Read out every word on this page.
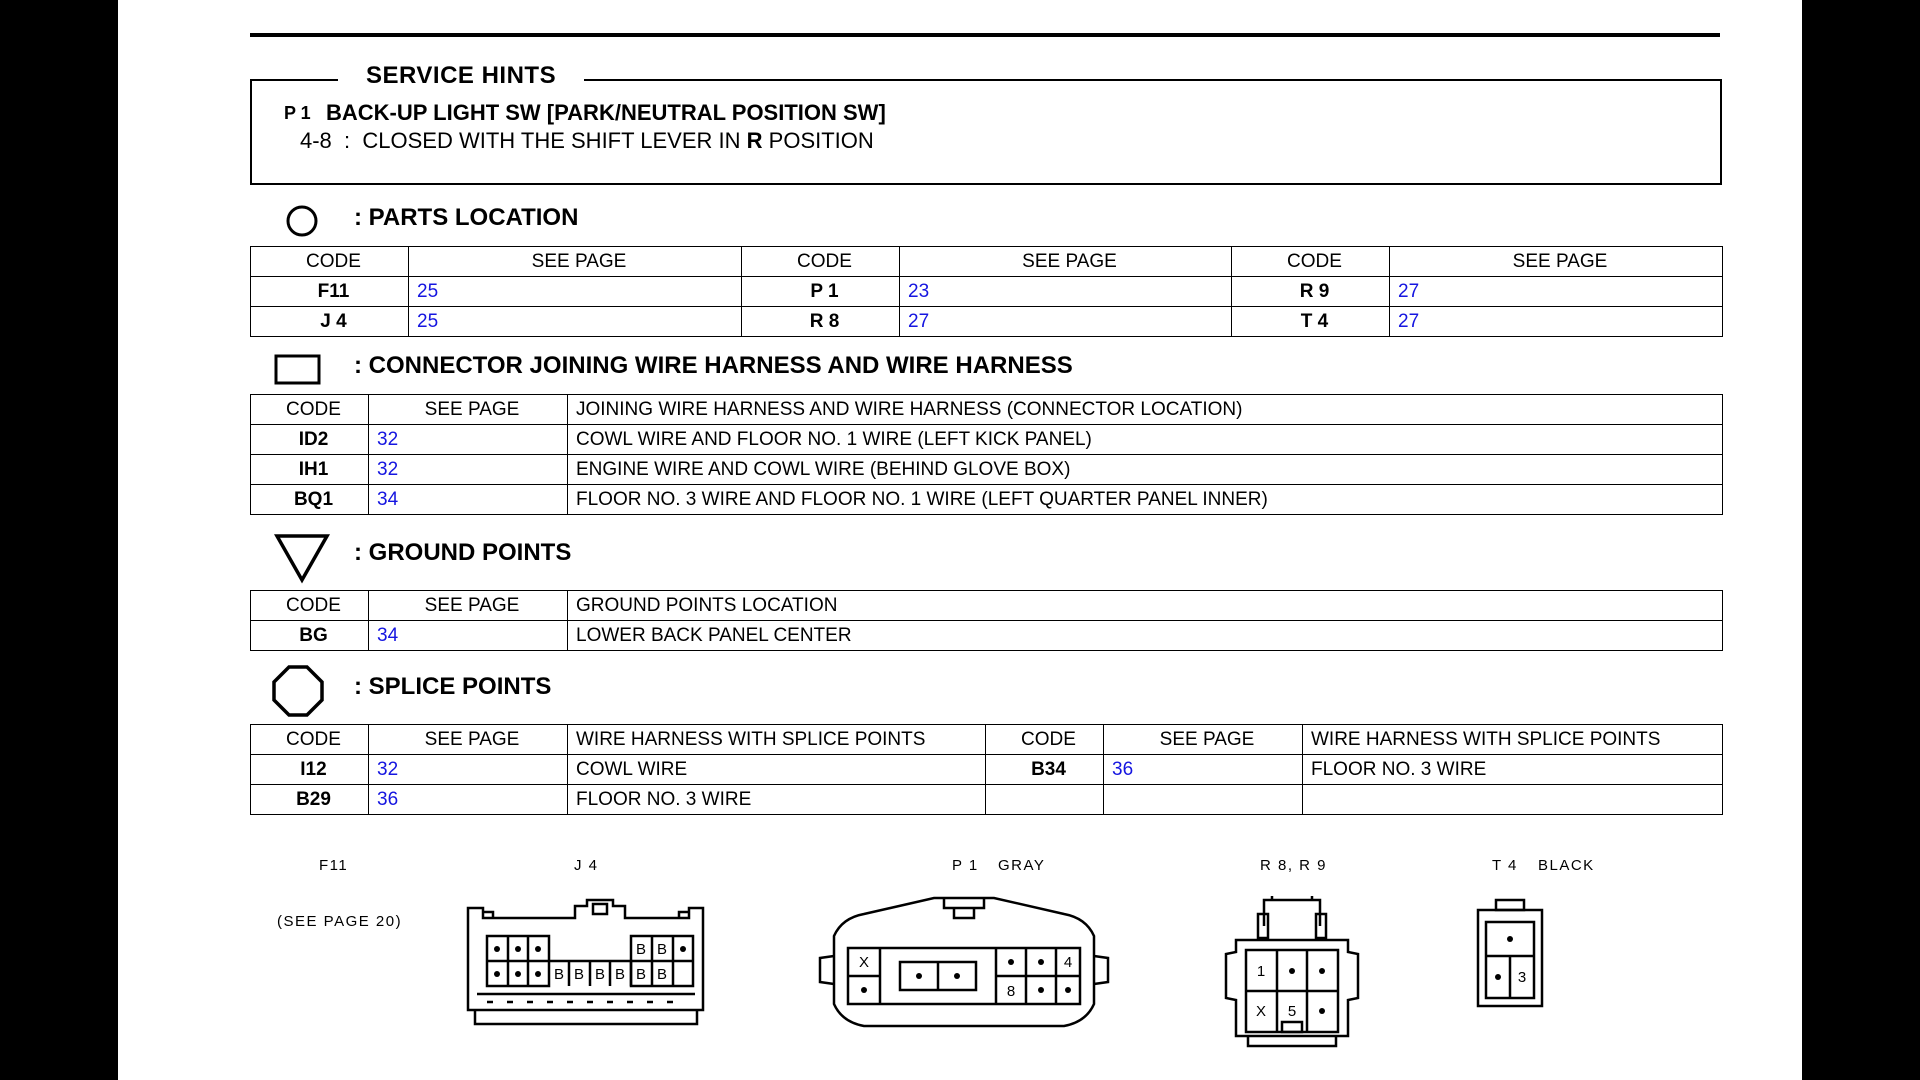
SERVICE HINTS
P 1 BACK-UP LIGHT SW [PARK/NEUTRAL POSITION SW]
4-8 : CLOSED WITH THE SHIFT LEVER IN R POSITION
: PARTS LOCATION
CODE	SEE PAGE	CODE	SEE PAGE	CODE	SEE PAGE
F11	25	P 1	23	R 9	27
J 4	25	R 8	27	T 4	27
: CONNECTOR JOINING WIRE HARNESS AND WIRE HARNESS
CODE	SEE PAGE	JOINING WIRE HARNESS AND WIRE HARNESS (CONNECTOR LOCATION)
ID2	32	COWL WIRE AND FLOOR NO. 1 WIRE (LEFT KICK PANEL)
IH1	32	ENGINE WIRE AND COWL WIRE (BEHIND GLOVE BOX)
BQ1	34	FLOOR NO. 3 WIRE AND FLOOR NO. 1 WIRE (LEFT QUARTER PANEL INNER)
: GROUND POINTS
CODE	SEE PAGE	GROUND POINTS LOCATION
BG	34	LOWER BACK PANEL CENTER
: SPLICE POINTS
CODE	SEE PAGE	WIRE HARNESS WITH SPLICE POINTS	CODE	SEE PAGE	WIRE HARNESS WITH SPLICE POINTS
I12	32	COWL WIRE	B34	36	FLOOR NO. 3 WIRE
B29	36	FLOOR NO. 3 WIRE			
F11
(SEE PAGE 20)
J 4	P 1 GRAY	R 8, R 9	T 4 BLACK
B B
B B B B B B
X	4
8
1
X 5
3
